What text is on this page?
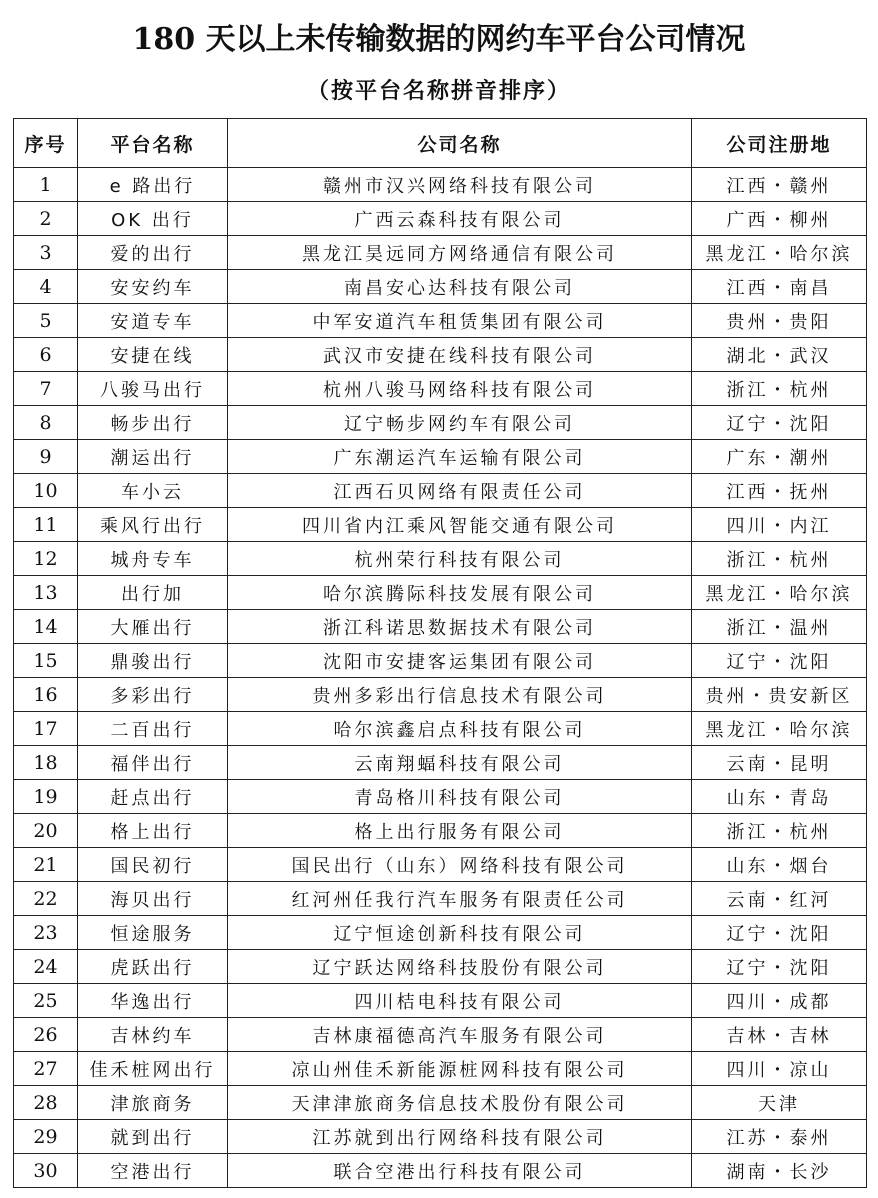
180 天以上未传输数据的网约车平台公司情况
（按平台名称拼音排序）
序号	平台名称	公司名称	公司注册地
1	e 路出行	赣州市汉兴网络科技有限公司	江西・赣州
2	OK 出行	广西云森科技有限公司	广西・柳州
3	爱的出行	黑龙江昊远同方网络通信有限公司	黑龙江・哈尔滨
4	安安约车	南昌安心达科技有限公司	江西・南昌
5	安道专车	中军安道汽车租赁集团有限公司	贵州・贵阳
6	安捷在线	武汉市安捷在线科技有限公司	湖北・武汉
7	八骏马出行	杭州八骏马网络科技有限公司	浙江・杭州
8	畅步出行	辽宁畅步网约车有限公司	辽宁・沈阳
9	潮运出行	广东潮运汽车运输有限公司	广东・潮州
10	车小云	江西石贝网络有限责任公司	江西・抚州
11	乘风行出行	四川省内江乘风智能交通有限公司	四川・内江
12	城舟专车	杭州荣行科技有限公司	浙江・杭州
13	出行加	哈尔滨腾际科技发展有限公司	黑龙江・哈尔滨
14	大雁出行	浙江科诺思数据技术有限公司	浙江・温州
15	鼎骏出行	沈阳市安捷客运集团有限公司	辽宁・沈阳
16	多彩出行	贵州多彩出行信息技术有限公司	贵州・贵安新区
17	二百出行	哈尔滨鑫启点科技有限公司	黑龙江・哈尔滨
18	福伴出行	云南翔蝠科技有限公司	云南・昆明
19	赶点出行	青岛格川科技有限公司	山东・青岛
20	格上出行	格上出行服务有限公司	浙江・杭州
21	国民初行	国民出行（山东）网络科技有限公司	山东・烟台
22	海贝出行	红河州任我行汽车服务有限责任公司	云南・红河
23	恒途服务	辽宁恒途创新科技有限公司	辽宁・沈阳
24	虎跃出行	辽宁跃达网络科技股份有限公司	辽宁・沈阳
25	华逸出行	四川桔电科技有限公司	四川・成都
26	吉林约车	吉林康福德高汽车服务有限公司	吉林・吉林
27	佳禾桩网出行	凉山州佳禾新能源桩网科技有限公司	四川・凉山
28	津旅商务	天津津旅商务信息技术股份有限公司	天津
29	就到出行	江苏就到出行网络科技有限公司	江苏・泰州
30	空港出行	联合空港出行科技有限公司	湖南・长沙
